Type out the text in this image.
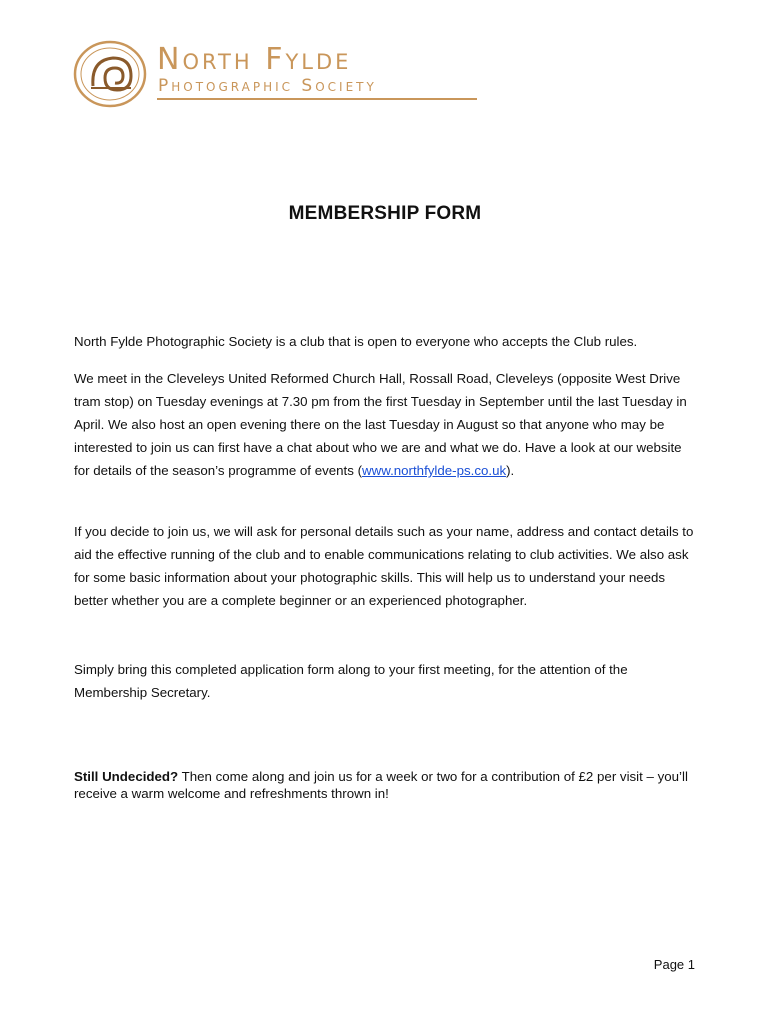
North Fylde
Photographic Society
MEMBERSHIP FORM

North Fylde Photographic Society is a club that is open to everyone who accepts the Club rules.

We meet in the Cleveleys United Reformed Church Hall, Rossall Road, Cleveleys (opposite West Drive tram stop) on Tuesday evenings at 7.30 pm from the first Tuesday in September until the last Tuesday in April. We also host an open evening there on the last Tuesday in August so that anyone who may be interested to join us can first have a chat about who we are and what we do. Have a look at our website for details of the season’s programme of events (www.northfylde-ps.co.uk).

If you decide to join us, we will ask for personal details such as your name, address and contact details to aid the effective running of the club and to enable communications relating to club activities. We also ask for some basic information about your photographic skills. This will help us to understand your needs better whether you are a complete beginner or an experienced photographer.

Simply bring this completed application form along to your first meeting, for the attention of the Membership Secretary.

Still Undecided? Then come along and join us for a week or two for a contribution of £2 per visit – you’ll receive a warm welcome and refreshments thrown in!

Page 1
